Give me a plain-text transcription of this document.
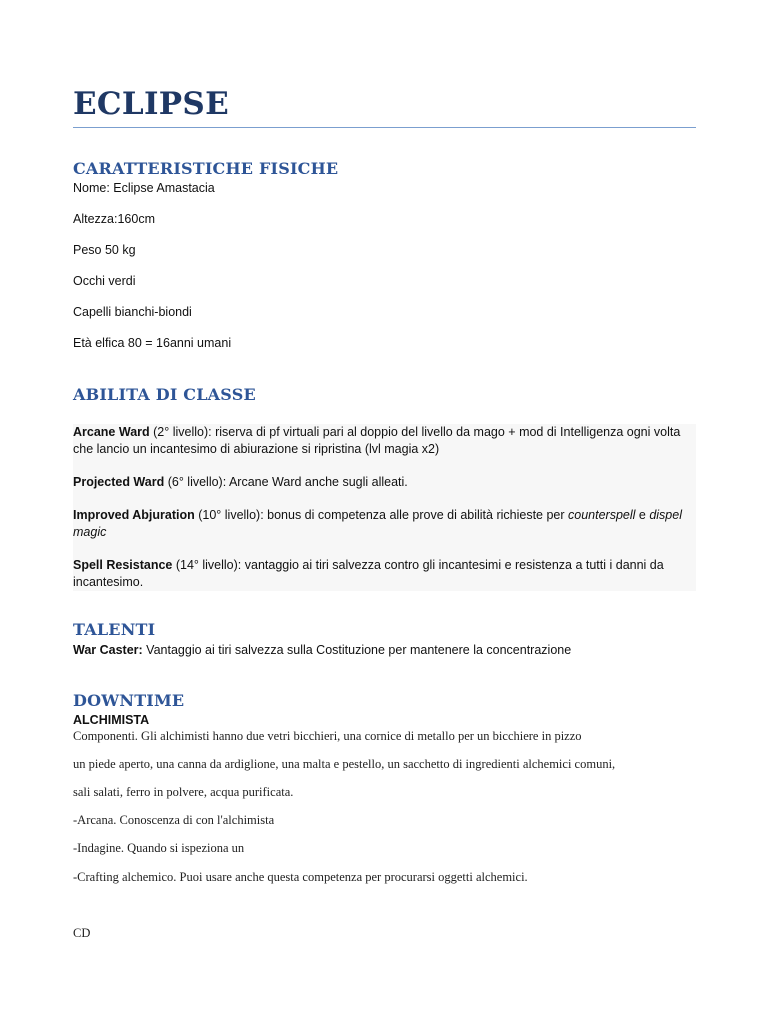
ECLIPSE
CARATTERISTICHE FISICHE

Nome: Eclipse Amastacia

Altezza:160cm

Peso 50 kg

Occhi verdi

Capelli bianchi-biondi

Età elfica 80 = 16anni umani

ABILITA DI CLASSE

Arcane Ward (2° livello): riserva di pf virtuali pari al doppio del livello da mago + mod di Intelligenza ogni volta che lancio un incantesimo di abiurazione si ripristina (lvl magia x2)

Projected Ward (6° livello): Arcane Ward anche sugli alleati.

Improved Abjuration (10° livello): bonus di competenza alle prove di abilità richieste per counterspell e dispel magic

Spell Resistance (14° livello): vantaggio ai tiri salvezza contro gli incantesimi e resistenza a tutti i danni da incantesimo.

TALENTI

War Caster: Vantaggio ai tiri salvezza sulla Costituzione per mantenere la concentrazione

DOWNTIME

ALCHIMISTA

Componenti. Gli alchimisti hanno due vetri bicchieri, una cornice di metallo per un bicchiere in pizzo

un piede aperto, una canna da ardiglione, una malta e pestello, un sacchetto di ingredienti alchemici comuni,

sali salati, ferro in polvere, acqua purificata.

-Arcana. Conoscenza di con l'alchimista

-Indagine. Quando si ispeziona un

-Crafting alchemico. Puoi usare anche questa competenza per procurarsi oggetti alchemici.

CD
